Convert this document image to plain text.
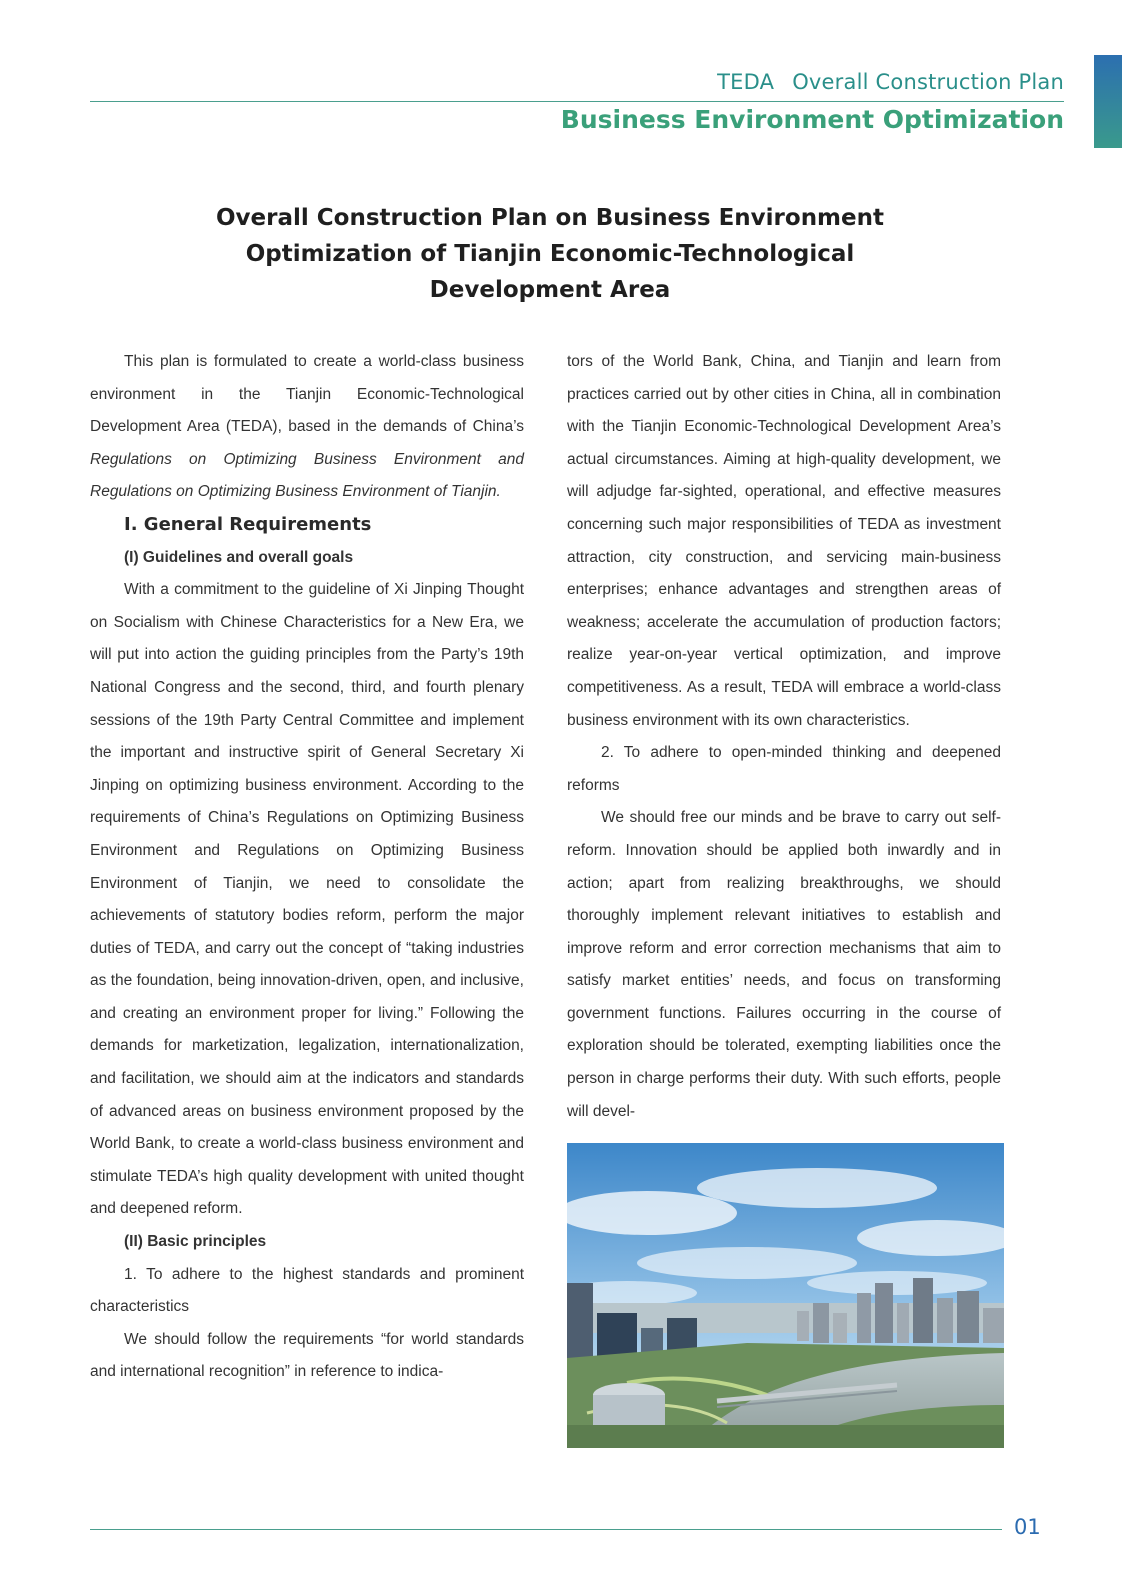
TEDA Overall Construction Plan
Business Environment Optimization
Overall Construction Plan on Business Environment Optimization of Tianjin Economic-Technological Development Area

This plan is formulated to create a world-class business environment in the Tianjin Economic-Technological Development Area (TEDA), based in the demands of China’s Regulations on Optimizing Business Environment and Regulations on Optimizing Business Environment of Tianjin.

I. General Requirements
(I) Guidelines and overall goals

With a commitment to the guideline of Xi Jinping Thought on Socialism with Chinese Characteristics for a New Era, we will put into action the guiding principles from the Party’s 19th National Congress and the second, third, and fourth plenary sessions of the 19th Party Central Committee and implement the important and instructive spirit of General Secretary Xi Jinping on optimizing business environment. According to the requirements of China’s Regulations on Optimizing Business Environment and Regulations on Optimizing Business Environment of Tianjin, we need to consolidate the achievements of statutory bodies reform, perform the major duties of TEDA, and carry out the concept of “taking industries as the foundation, being innovation-driven, open, and inclusive, and creating an environment proper for living.” Following the demands for marketization, legalization, internationalization, and facilitation, we should aim at the indicators and standards of advanced areas on business environment proposed by the World Bank, to create a world-class business environment and stimulate TEDA’s high quality development with united thought and deepened reform.

(II) Basic principles

1. To adhere to the highest standards and prominent characteristics

We should follow the requirements “for world standards and international recognition” in reference to indica-

tors of the World Bank, China, and Tianjin and learn from practices carried out by other cities in China, all in combination with the Tianjin Economic-Technological Development Area’s actual circumstances. Aiming at high-quality development, we will adjudge far-sighted, operational, and effective measures concerning such major responsibilities of TEDA as investment attraction, city construction, and servicing main-business enterprises; enhance advantages and strengthen areas of weakness; accelerate the accumulation of production factors; realize year-on-year vertical optimization, and improve competitiveness. As a result, TEDA will embrace a world-class business environment with its own characteristics.

2. To adhere to open-minded thinking and deepened reforms

We should free our minds and be brave to carry out self-reform. Innovation should be applied both inwardly and in action; apart from realizing breakthroughs, we should thoroughly implement relevant initiatives to establish and improve reform and error correction mechanisms that aim to satisfy market entities’ needs, and focus on transforming government functions. Failures occurring in the course of exploration should be tolerated, exempting liabilities once the person in charge performs their duty. With such efforts, people will devel-

01
